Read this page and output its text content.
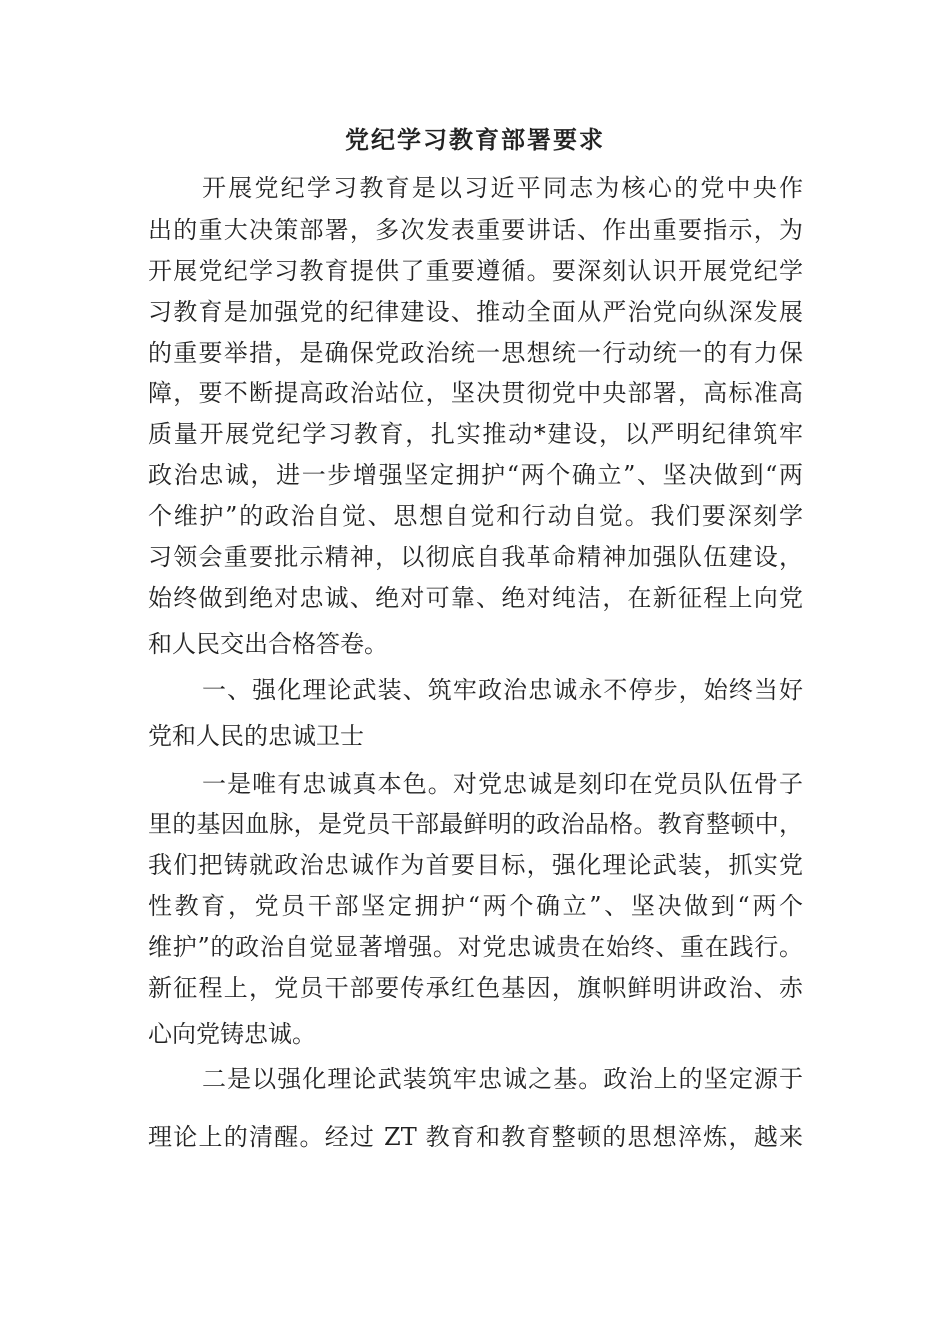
党纪学习教育部署要求

开展党纪学习教育是以习近平同志为核心的党中央作

出的重大决策部署，多次发表重要讲话、作出重要指示，为

开展党纪学习教育提供了重要遵循。要深刻认识开展党纪学

习教育是加强党的纪律建设、推动全面从严治党向纵深发展

的重要举措，是确保党政治统一思想统一行动统一的有力保

障，要不断提高政治站位，坚决贯彻党中央部署，高标准高

质量开展党纪学习教育，扎实推动*建设，以严明纪律筑牢

政治忠诚，进一步增强坚定拥护“两个确立”、坚决做到“两

个维护”的政治自觉、思想自觉和行动自觉。我们要深刻学

习领会重要批示精神，以彻底自我革命精神加强队伍建设，

始终做到绝对忠诚、绝对可靠、绝对纯洁，在新征程上向党

和人民交出合格答卷。

一、强化理论武装、筑牢政治忠诚永不停步，始终当好

党和人民的忠诚卫士

一是唯有忠诚真本色。对党忠诚是刻印在党员队伍骨子

里的基因血脉，是党员干部最鲜明的政治品格。教育整顿中，

我们把铸就政治忠诚作为首要目标，强化理论武装，抓实党

性教育，党员干部坚定拥护“两个确立”、坚决做到“两个

维护”的政治自觉显著增强。对党忠诚贵在始终、重在践行。

新征程上，党员干部要传承红色基因，旗帜鲜明讲政治、赤

心向党铸忠诚。

二是以强化理论武装筑牢忠诚之基。政治上的坚定源于

理论上的清醒。经过 ZT 教育和教育整顿的思想淬炼，越来
